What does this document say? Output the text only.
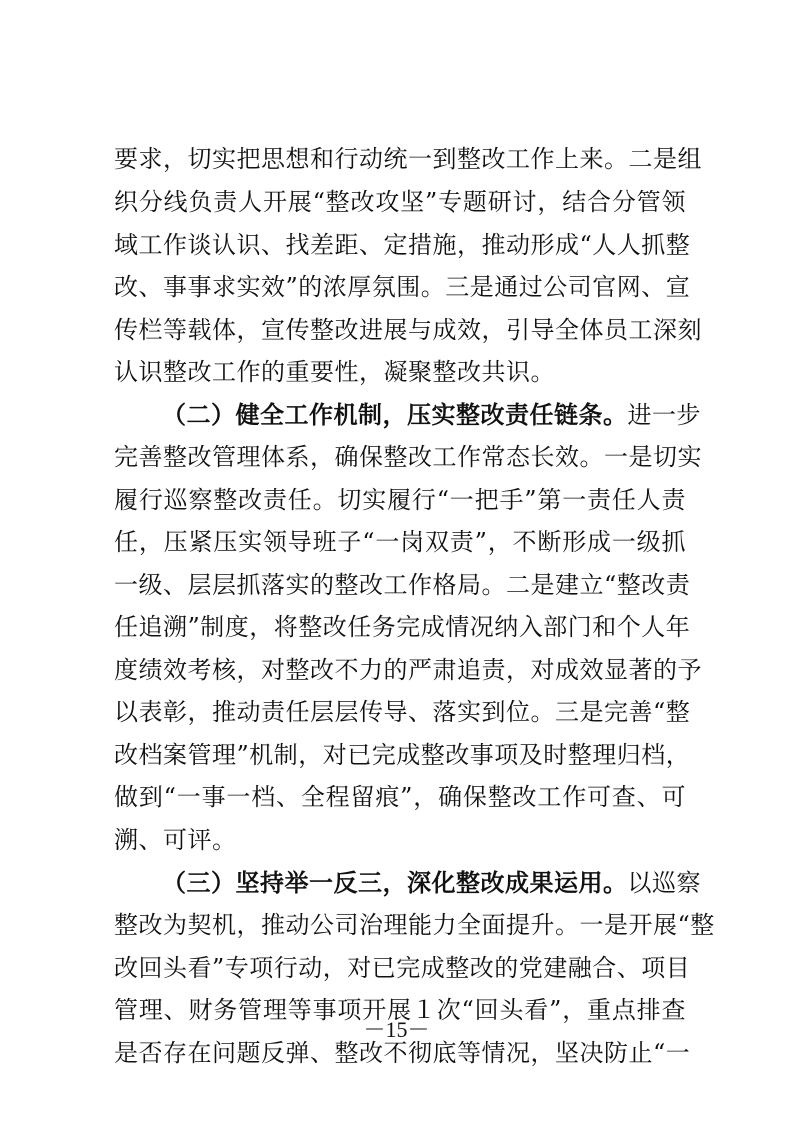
要求，切实把思想和行动统一到整改工作上来。二是组
织分线负责人开展“整改攻坚”专题研讨，结合分管领
域工作谈认识、找差距、定措施，推动形成“人人抓整
改、事事求实效”的浓厚氛围。三是通过公司官网、宣
传栏等载体，宣传整改进展与成效，引导全体员工深刻
认识整改工作的重要性，凝聚整改共识。
（二）健全工作机制，压实整改责任链条。进一步
完善整改管理体系，确保整改工作常态长效。一是切实
履行巡察整改责任。切实履行“一把手”第一责任人责
任，压紧压实领导班子“一岗双责”，不断形成一级抓
一级、层层抓落实的整改工作格局。二是建立“整改责
任追溯”制度，将整改任务完成情况纳入部门和个人年
度绩效考核，对整改不力的严肃追责，对成效显著的予
以表彰，推动责任层层传导、落实到位。三是完善“整
改档案管理”机制，对已完成整改事项及时整理归档，
做到“一事一档、全程留痕”，确保整改工作可查、可
溯、可评。
（三）坚持举一反三，深化整改成果运用。以巡察
整改为契机，推动公司治理能力全面提升。一是开展“整
改回头看”专项行动，对已完成整改的党建融合、项目
管理、财务管理等事项开展１次“回头看”，重点排查
是否存在问题反弹、整改不彻底等情况，坚决防止“一
－15－
